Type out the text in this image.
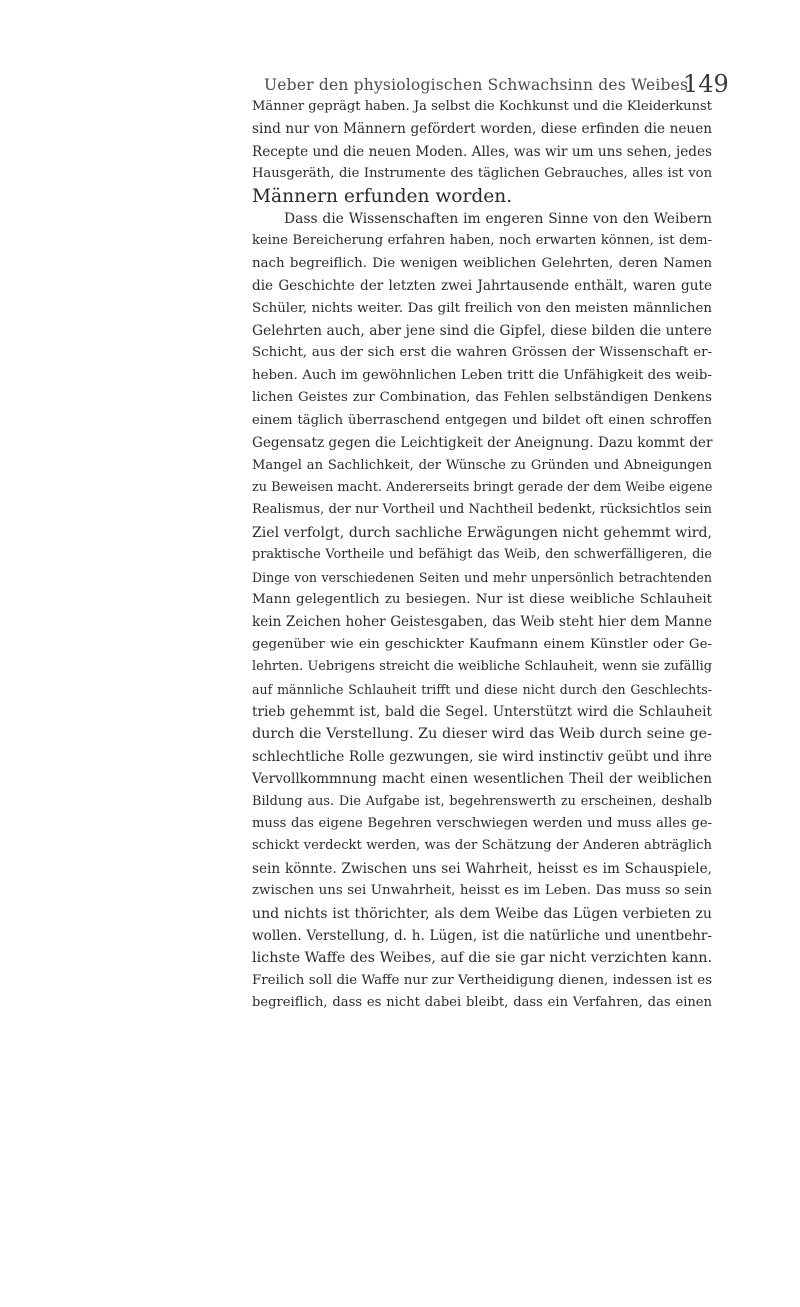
Ueber den physiologischen Schwachsinn des Weibes.
149
Männer geprägt haben. Ja selbst die Kochkunst und die Kleiderkunst
sind nur von Männern gefördert worden, diese erfinden die neuen
Recepte und die neuen Moden. Alles, was wir um uns sehen, jedes
Hausgeräth, die Instrumente des täglichen Gebrauches, alles ist von
Männern erfunden worden.
Dass die Wissenschaften im engeren Sinne von den Weibern
keine Bereicherung erfahren haben, noch erwarten können, ist dem-
nach begreiflich. Die wenigen weiblichen Gelehrten, deren Namen
die Geschichte der letzten zwei Jahrtausende enthält, waren gute
Schüler, nichts weiter. Das gilt freilich von den meisten männlichen
Gelehrten auch, aber jene sind die Gipfel, diese bilden die untere
Schicht, aus der sich erst die wahren Grössen der Wissenschaft er-
heben. Auch im gewöhnlichen Leben tritt die Unfähigkeit des weib-
lichen Geistes zur Combination, das Fehlen selbständigen Denkens
einem täglich überraschend entgegen und bildet oft einen schroffen
Gegensatz gegen die Leichtigkeit der Aneignung. Dazu kommt der
Mangel an Sachlichkeit, der Wünsche zu Gründen und Abneigungen
zu Beweisen macht. Andererseits bringt gerade der dem Weibe eigene
Realismus, der nur Vortheil und Nachtheil bedenkt, rücksichtlos sein
Ziel verfolgt, durch sachliche Erwägungen nicht gehemmt wird,
praktische Vortheile und befähigt das Weib, den schwerfälligeren, die
Dinge von verschiedenen Seiten und mehr unpersönlich betrachtenden
Mann gelegentlich zu besiegen. Nur ist diese weibliche Schlauheit
kein Zeichen hoher Geistesgaben, das Weib steht hier dem Manne
gegenüber wie ein geschickter Kaufmann einem Künstler oder Ge-
lehrten. Uebrigens streicht die weibliche Schlauheit, wenn sie zufällig
auf männliche Schlauheit trifft und diese nicht durch den Geschlechts-
trieb gehemmt ist, bald die Segel. Unterstützt wird die Schlauheit
durch die Verstellung. Zu dieser wird das Weib durch seine ge-
schlechtliche Rolle gezwungen, sie wird instinctiv geübt und ihre
Vervollkommnung macht einen wesentlichen Theil der weiblichen
Bildung aus. Die Aufgabe ist, begehrenswerth zu erscheinen, deshalb
muss das eigene Begehren verschwiegen werden und muss alles ge-
schickt verdeckt werden, was der Schätzung der Anderen abträglich
sein könnte. Zwischen uns sei Wahrheit, heisst es im Schauspiele,
zwischen uns sei Unwahrheit, heisst es im Leben. Das muss so sein
und nichts ist thörichter, als dem Weibe das Lügen verbieten zu
wollen. Verstellung, d. h. Lügen, ist die natürliche und unentbehr-
lichste Waffe des Weibes, auf die sie gar nicht verzichten kann.
Freilich soll die Waffe nur zur Vertheidigung dienen, indessen ist es
begreiflich, dass es nicht dabei bleibt, dass ein Verfahren, das einen
